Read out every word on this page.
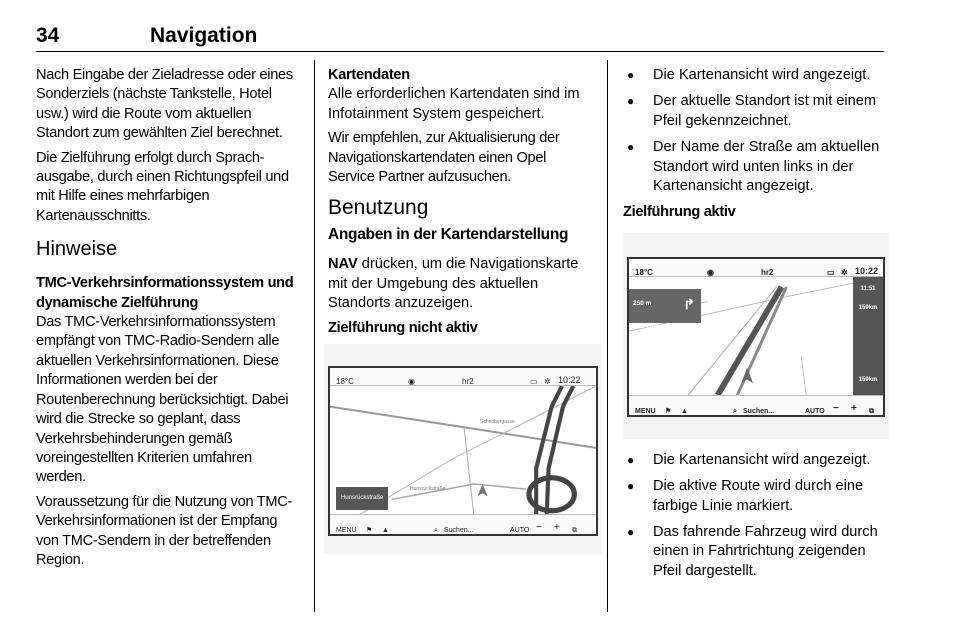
34	Navigation

Nach Eingabe der Zieladresse oder eines Sonderziels (nächste Tankstelle, Hotel usw.) wird die Route vom aktuellen Standort zum gewählten Ziel berechnet.

Die Zielführung erfolgt durch Sprachausgabe, durch einen Richtungspfeil und mit Hilfe eines mehrfarbigen Kartenausschnitts.

Hinweise
TMC-Verkehrsinformationssystem und dynamische Zielführung

Das TMC-Verkehrsinformationssystem empfängt von TMC-Radio-Sendern alle aktuellen Verkehrsinformationen. Diese Informationen werden bei der Routenberechnung berücksichtigt. Dabei wird die Strecke so geplant, dass Verkehrsbehinderungen gemäß voreingestellten Kriterien umfahren werden.

Voraussetzung für die Nutzung von TMC-Verkehrsinformationen ist der Empfang von TMC-Sendern in der betreffenden Region.

Kartendaten

Alle erforderlichen Kartendaten sind im Infotainment System gespeichert.

Wir empfehlen, zur Aktualisierung der Navigationskartendaten einen Opel Service Partner aufzusuchen.

Benutzung
Angaben in der Kartendarstellung

NAV drücken, um die Navigationskarte mit der Umgebung des aktuellen Standorts anzuzeigen.

Zielführung nicht aktiv
18°C	◉	hr2	▭ ✲ 10:22
Hunsrückstraße
Schreibergasse
Hunsrückstraße
MENU ⚑ ▲	⌕ Suchen...	AUTO − + ⧉
● Die Kartenansicht wird angezeigt.
● Der aktuelle Standort ist mit einem Pfeil gekennzeichnet.
● Der Name der Straße am aktuellen Standort wird unten links in der Kartenansicht angezeigt.
Zielführung aktiv
18°C	◉	hr2	▭ ✲ 10:22
250 m
A59 Bonn
↱
11:51
159km
159km
MENU ⚑ ▲	⌕ Suchen...	AUTO − + ⧉
● Die Kartenansicht wird angezeigt.
● Die aktive Route wird durch eine farbige Linie markiert.
● Das fahrende Fahrzeug wird durch einen in Fahrtrichtung zeigenden Pfeil dargestellt.
